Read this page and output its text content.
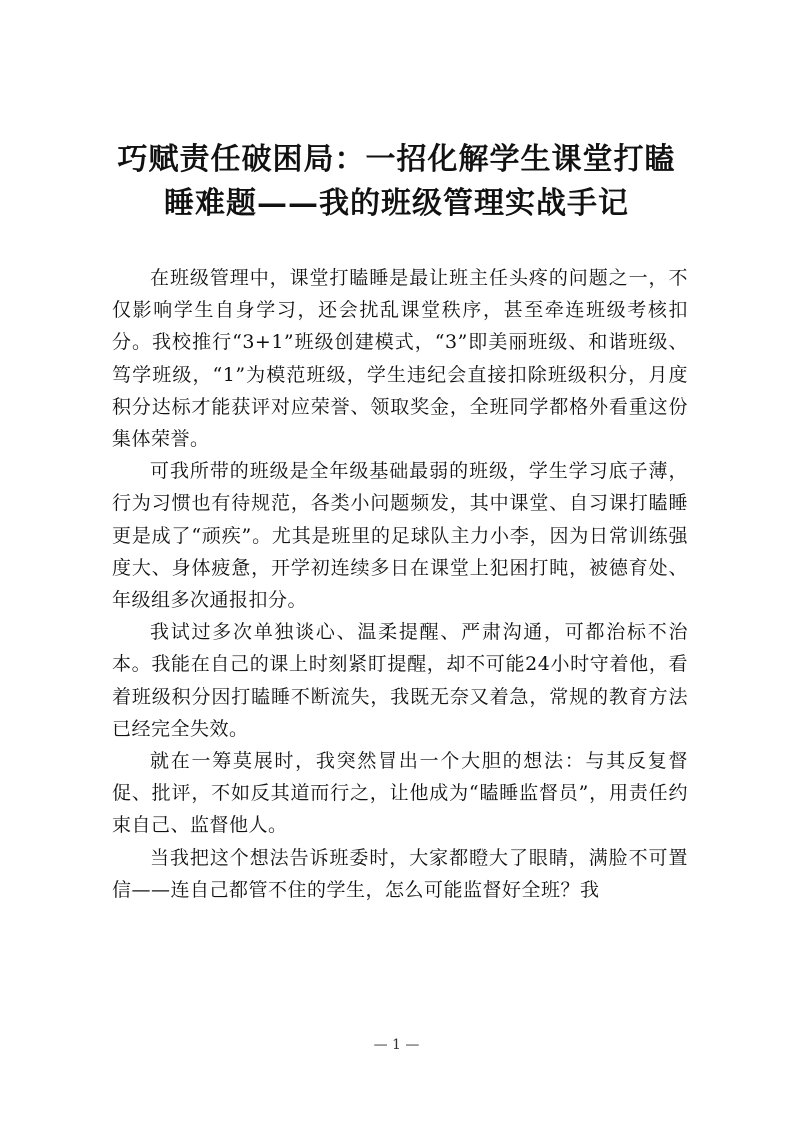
巧赋责任破困局：一招化解学生课堂打瞌
睡难题——我的班级管理实战手记

在班级管理中，课堂打瞌睡是最让班主任头疼的问题之一，不仅影响学生自身学习，还会扰乱课堂秩序，甚至牵连班级考核扣分。我校推行“3+1”班级创建模式，“3”即美丽班级、和谐班级、笃学班级，“1”为模范班级，学生违纪会直接扣除班级积分，月度积分达标才能获评对应荣誉、领取奖金，全班同学都格外看重这份集体荣誉。

可我所带的班级是全年级基础最弱的班级，学生学习底子薄，行为习惯也有待规范，各类小问题频发，其中课堂、自习课打瞌睡更是成了“顽疾”。尤其是班里的足球队主力小李，因为日常训练强度大、身体疲惫，开学初连续多日在课堂上犯困打盹，被德育处、年级组多次通报扣分。

我试过多次单独谈心、温柔提醒、严肃沟通，可都治标不治本。我能在自己的课上时刻紧盯提醒，却不可能24小时守着他，看着班级积分因打瞌睡不断流失，我既无奈又着急，常规的教育方法已经完全失效。

就在一筹莫展时，我突然冒出一个大胆的想法：与其反复督促、批评，不如反其道而行之，让他成为“瞌睡监督员”，用责任约束自己、监督他人。

当我把这个想法告诉班委时，大家都瞪大了眼睛，满脸不可置信——连自己都管不住的学生，怎么可能监督好全班？我

— 1 —
